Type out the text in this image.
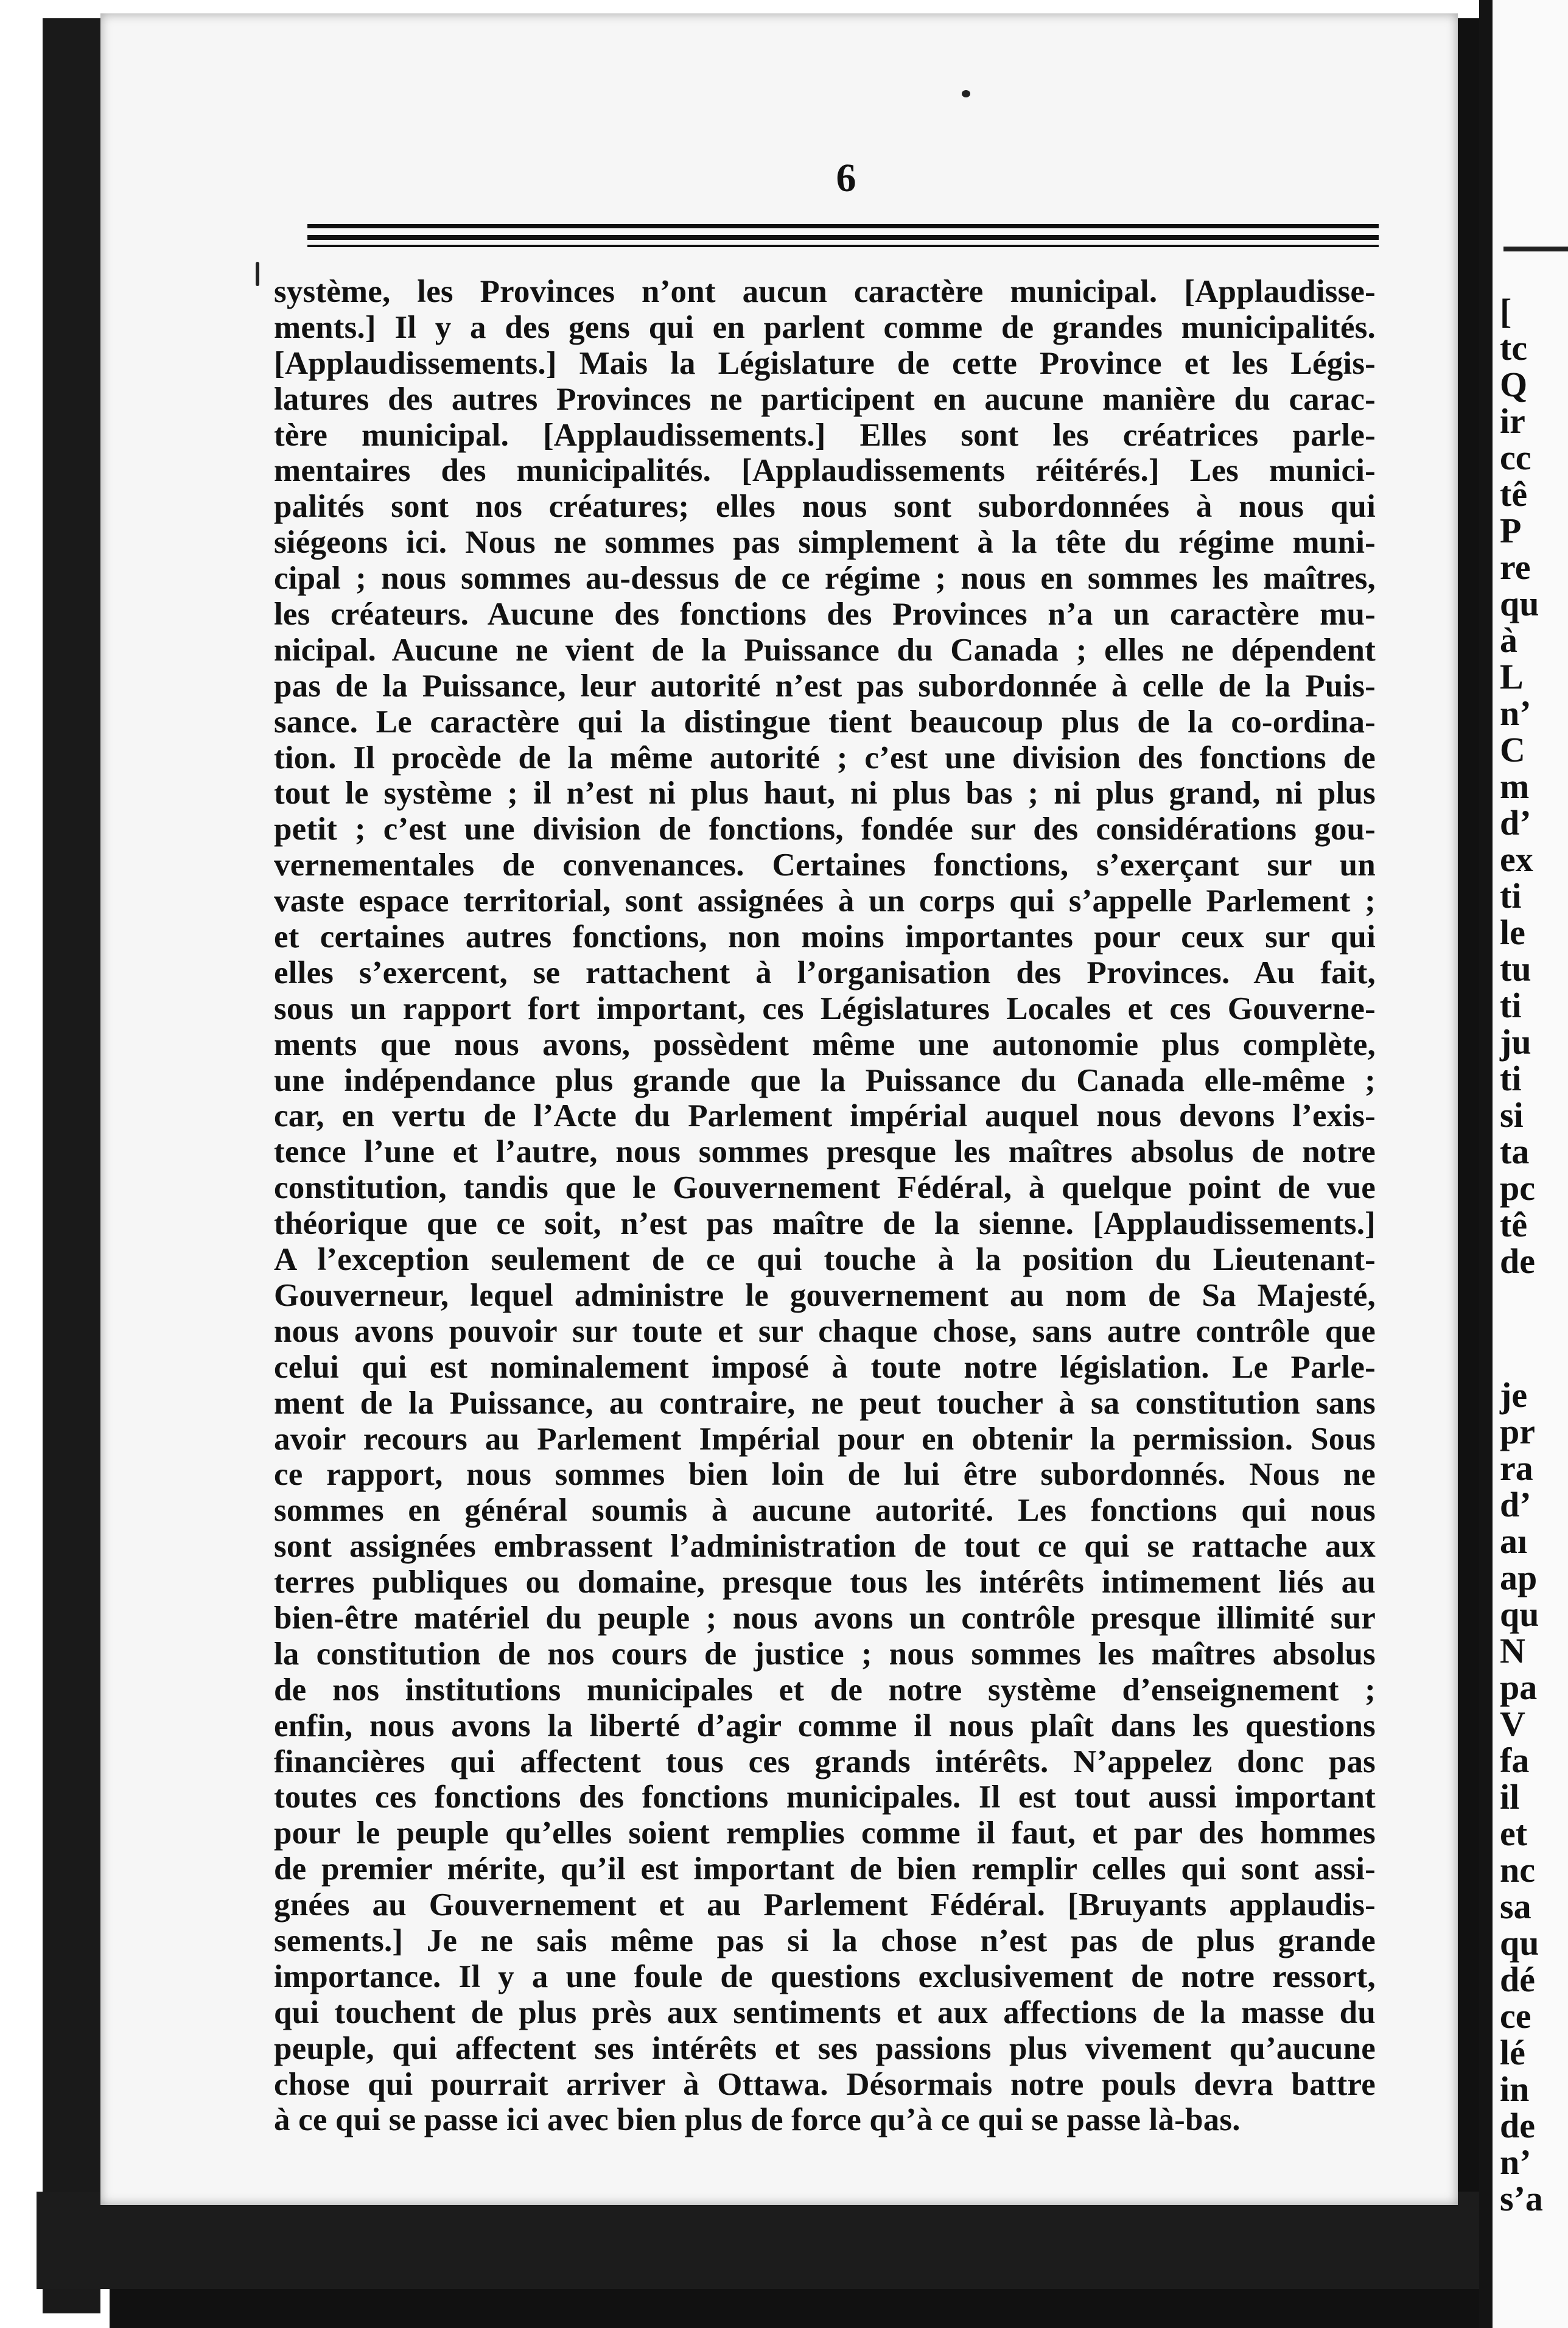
6
système, les Provinces n’ont aucun caractère municipal. [Applaudisse-
ments.] Il y a des gens qui en parlent comme de grandes municipalités.
[Applaudissements.] Mais la Législature de cette Province et les Légis-
latures des autres Provinces ne participent en aucune manière du carac-
tère municipal. [Applaudissements.] Elles sont les créatrices parle-
mentaires des municipalités. [Applaudissements réitérés.] Les munici-
palités sont nos créatures; elles nous sont subordonnées à nous qui
siégeons ici. Nous ne sommes pas simplement à la tête du régime muni-
cipal ; nous sommes au-dessus de ce régime ; nous en sommes les maîtres,
les créateurs. Aucune des fonctions des Provinces n’a un caractère mu-
nicipal. Aucune ne vient de la Puissance du Canada ; elles ne dépendent
pas de la Puissance, leur autorité n’est pas subordonnée à celle de la Puis-
sance. Le caractère qui la distingue tient beaucoup plus de la co-ordina-
tion. Il procède de la même autorité ; c’est une division des fonctions de
tout le système ; il n’est ni plus haut, ni plus bas ; ni plus grand, ni plus
petit ; c’est une division de fonctions, fondée sur des considérations gou-
vernementales de convenances. Certaines fonctions, s’exerçant sur un
vaste espace territorial, sont assignées à un corps qui s’appelle Parlement ;
et certaines autres fonctions, non moins importantes pour ceux sur qui
elles s’exercent, se rattachent à l’organisation des Provinces. Au fait,
sous un rapport fort important, ces Législatures Locales et ces Gouverne-
ments que nous avons, possèdent même une autonomie plus complète,
une indépendance plus grande que la Puissance du Canada elle-même ;
car, en vertu de l’Acte du Parlement impérial auquel nous devons l’exis-
tence l’une et l’autre, nous sommes presque les maîtres absolus de notre
constitution, tandis que le Gouvernement Fédéral, à quelque point de vue
théorique que ce soit, n’est pas maître de la sienne. [Applaudissements.]
A l’exception seulement de ce qui touche à la position du Lieutenant-
Gouverneur, lequel administre le gouvernement au nom de Sa Majesté,
nous avons pouvoir sur toute et sur chaque chose, sans autre contrôle que
celui qui est nominalement imposé à toute notre législation. Le Parle-
ment de la Puissance, au contraire, ne peut toucher à sa constitution sans
avoir recours au Parlement Impérial pour en obtenir la permission. Sous
ce rapport, nous sommes bien loin de lui être subordonnés. Nous ne
sommes en général soumis à aucune autorité. Les fonctions qui nous
sont assignées embrassent l’administration de tout ce qui se rattache aux
terres publiques ou domaine, presque tous les intérêts intimement liés au
bien-être matériel du peuple ; nous avons un contrôle presque illimité sur
la constitution de nos cours de justice ; nous sommes les maîtres absolus
de nos institutions municipales et de notre système d’enseignement ;
enfin, nous avons la liberté d’agir comme il nous plaît dans les questions
financières qui affectent tous ces grands intérêts. N’appelez donc pas
toutes ces fonctions des fonctions municipales. Il est tout aussi important
pour le peuple qu’elles soient remplies comme il faut, et par des hommes
de premier mérite, qu’il est important de bien remplir celles qui sont assi-
gnées au Gouvernement et au Parlement Fédéral. [Bruyants applaudis-
sements.] Je ne sais même pas si la chose n’est pas de plus grande
importance. Il y a une foule de questions exclusivement de notre ressort,
qui touchent de plus près aux sentiments et aux affections de la masse du
peuple, qui affectent ses intérêts et ses passions plus vivement qu’aucune
chose qui pourrait arriver à Ottawa. Désormais notre pouls devra battre
à ce qui se passe ici avec bien plus de force qu’à ce qui se passe là-bas.
[
tc
Q
ir
cc
tê
P
re
qu
à
L
n’
C
m
d’
ex
ti
le
tu
ti
ju
ti
si
ta
pc
tê
de
je
pr
ra
d’
aı
ap
qu
N
pa
V
fa
il
et
nc
sa
qu
dé
ce
lé
in
de
n’
s’a
